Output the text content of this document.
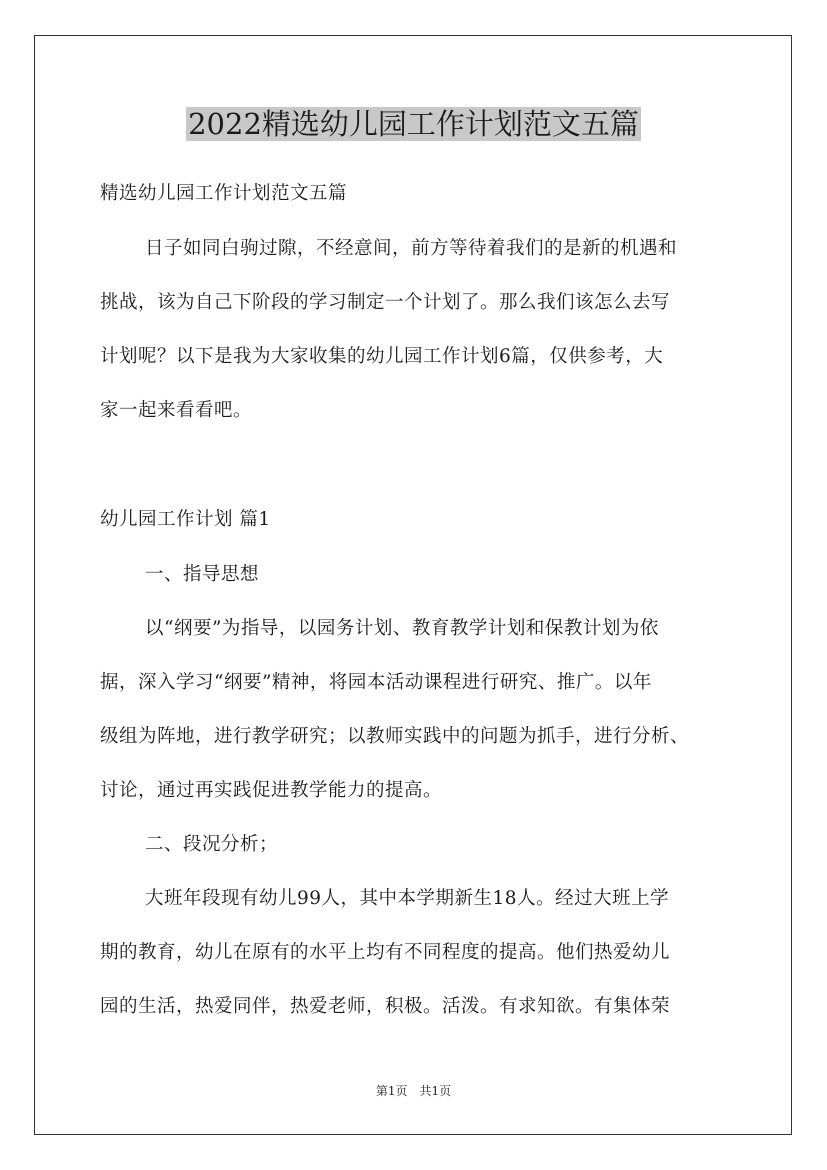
2022精选幼儿园工作计划范文五篇
精选幼儿园工作计划范文五篇
日子如同白驹过隙，不经意间，前方等待着我们的是新的机遇和
挑战，该为自己下阶段的学习制定一个计划了。那么我们该怎么去写
计划呢？以下是我为大家收集的幼儿园工作计划6篇，仅供参考，大
家一起来看看吧。
幼儿园工作计划 篇1
一、指导思想
以“纲要”为指导，以园务计划、教育教学计划和保教计划为依
据，深入学习“纲要”精神，将园本活动课程进行研究、推广。以年
级组为阵地，进行教学研究；以教师实践中的问题为抓手，进行分析、
讨论，通过再实践促进教学能力的提高。
二、段况分析；
大班年段现有幼儿99人，其中本学期新生18人。经过大班上学
期的教育，幼儿在原有的水平上均有不同程度的提高。他们热爱幼儿
园的生活，热爱同伴，热爱老师，积极。活泼。有求知欲。有集体荣
第1页　共1页
